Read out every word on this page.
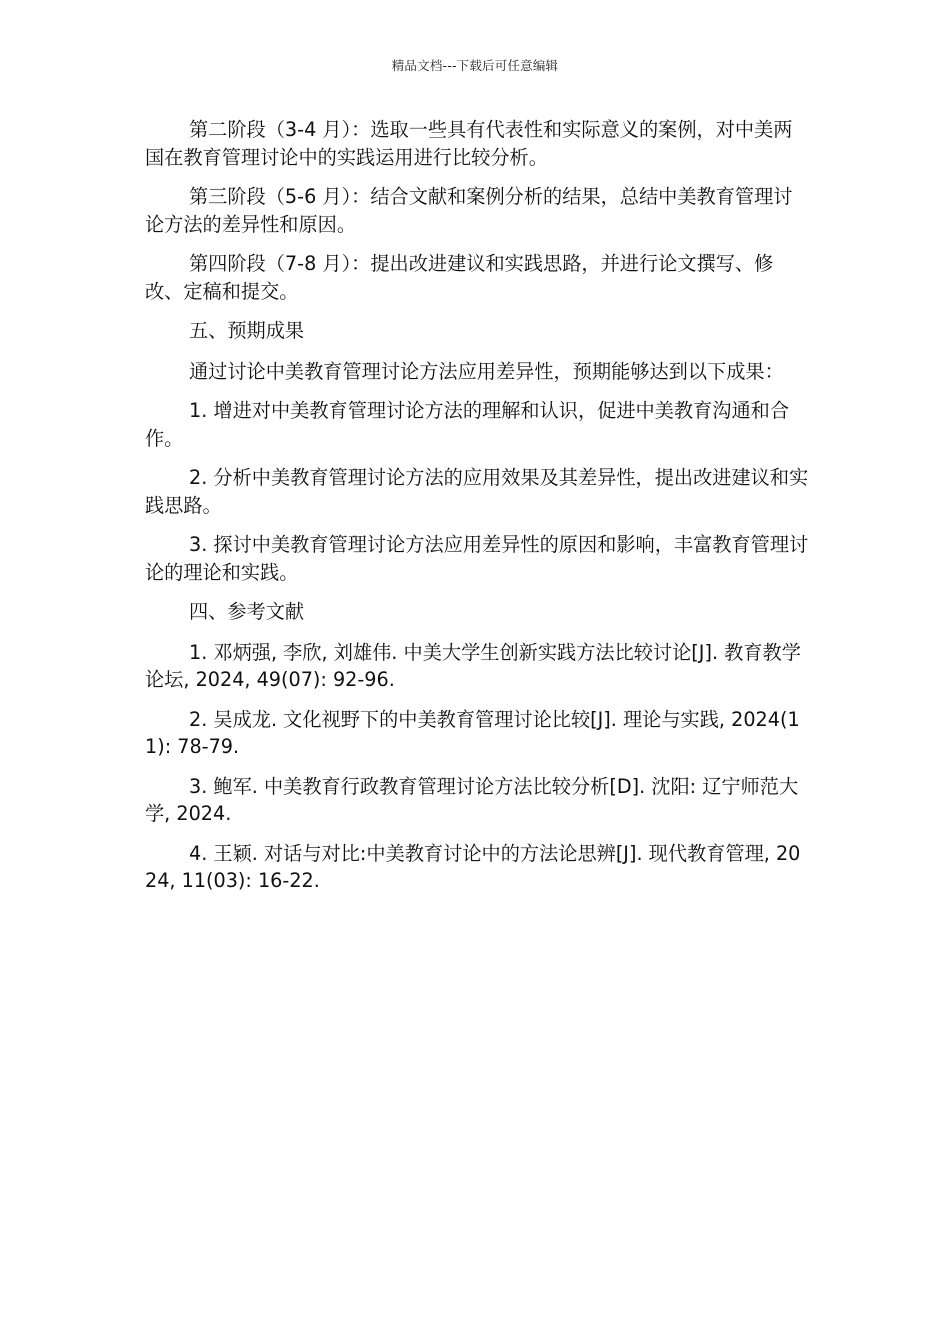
精品文档---下载后可任意编辑

第二阶段（3-4 月）：选取一些具有代表性和实际意义的案例，对中美两国在教育管理讨论中的实践运用进行比较分析。

第三阶段（5-6 月）：结合文献和案例分析的结果，总结中美教育管理讨论方法的差异性和原因。

第四阶段（7-8 月）：提出改进建议和实践思路，并进行论文撰写、修改、定稿和提交。

五、预期成果

通过讨论中美教育管理讨论方法应用差异性，预期能够达到以下成果：

1. 增进对中美教育管理讨论方法的理解和认识，促进中美教育沟通和合作。

2. 分析中美教育管理讨论方法的应用效果及其差异性，提出改进建议和实践思路。

3. 探讨中美教育管理讨论方法应用差异性的原因和影响，丰富教育管理讨论的理论和实践。

四、参考文献

1. 邓炳强, 李欣, 刘雄伟. 中美大学生创新实践方法比较讨论[J]. 教育教学论坛, 2024, 49(07): 92-96.

2. 吴成龙. 文化视野下的中美教育管理讨论比较[J]. 理论与实践, 2024(11): 78-79.

3. 鲍军. 中美教育行政教育管理讨论方法比较分析[D]. 沈阳: 辽宁师范大学, 2024.

4. 王颖. 对话与对比:中美教育讨论中的方法论思辨[J]. 现代教育管理, 2024, 11(03): 16-22.
